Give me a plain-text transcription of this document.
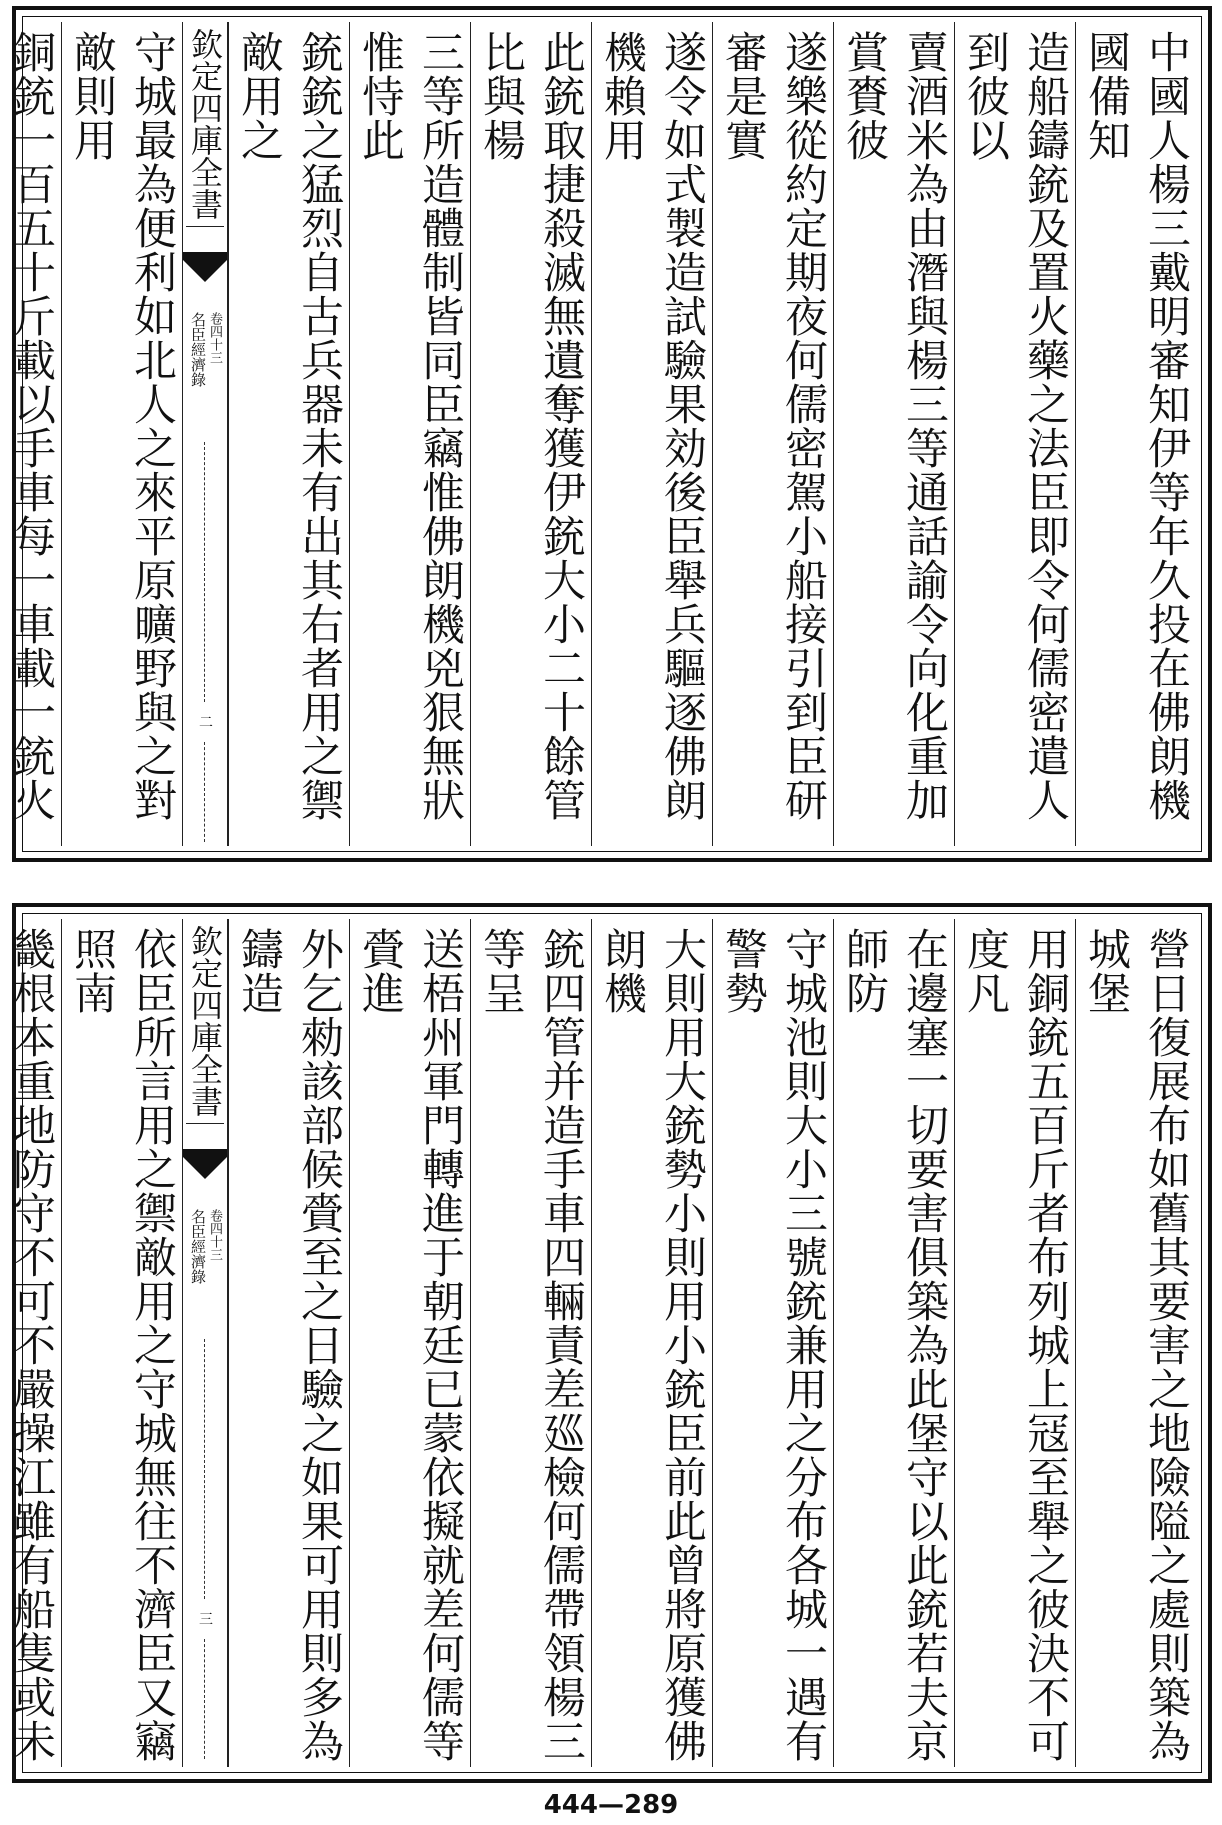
中國人楊三戴明審知伊等年久投在佛朗機國備知
造船鑄銃及置火藥之法臣即令何儒密遣人到彼以
賣酒米為由潛與楊三等通話諭令向化重加賞賚彼
遂樂從約定期夜何儒密駕小船接引到臣研審是實
遂令如式製造試驗果効後臣舉兵驅逐佛朗機賴用
此銃取捷殺滅無遺奪獲伊銃大小二十餘管比與楊
三等所造體制皆同臣竊惟佛朗機兇狠無狀惟恃此
銃銃之猛烈自古兵器未有出其右者用之禦敵用之
欽定四庫全書
名臣經濟錄 卷四十三
二
守城最為便利如北人之來平原曠野與之對敵則用
銅銃一百五十斤載以手車每一車載一銃火
營日復展布如舊其要害之地險隘之處則築為城堡
用銅銃五百斤者布列城上冦至舉之彼決不可度凡
在邊塞一切要害俱築為此堡守以此銃若夫京師防
守城池則大小三號銃兼用之分布各城一遇有警勢
大則用大銃勢小則用小銃臣前此曾將原獲佛朗機
銃四管并造手車四輛責差廵檢何儒帶領楊三等呈
送梧州軍門轉進于朝廷已蒙依擬就差何儒等賫進
外乞勑該部候賫至之日驗之如果可用則多為鑄造
欽定四庫全書
名臣經濟錄 卷四十三
三
依臣所言用之禦敵用之守城無往不濟臣又竊照南
畿根本重地防守不可不嚴操江雖有船隻或未
444—289
